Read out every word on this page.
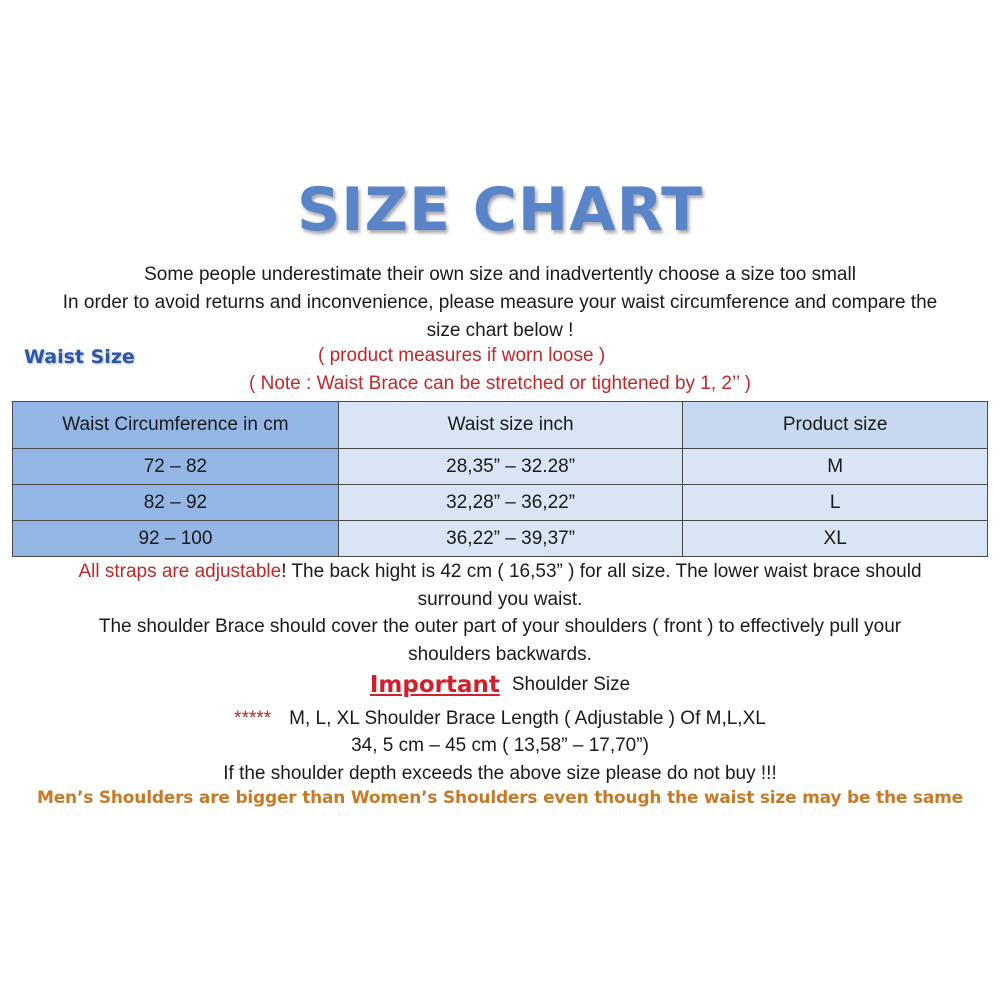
SIZE CHART
Some people underestimate their own size and inadvertently choose a size too small
In order to avoid returns and inconvenience, please measure your waist circumference and compare the
size chart below !
Waist Size	( product measures if worn loose )
( Note : Waist Brace can be stretched or tightened by 1, 2’’ )
Waist Circumference in cm	Waist size inch	Product size
72 – 82	28,35” – 32.28”	M
82 – 92	32,28” – 36,22”	L
92 – 100	36,22” – 39,37”	XL
All straps are adjustable! The back hight is 42 cm ( 16,53” ) for all size. The lower waist brace should
surround you waist.
The shoulder Brace should cover the outer part of your shoulders ( front ) to effectively pull your
shoulders backwards.
Important Shoulder Size
***** M, L, XL Shoulder Brace Length ( Adjustable ) Of M,L,XL
34, 5 cm – 45 cm ( 13,58” – 17,70”)
If the shoulder depth exceeds the above size please do not buy !!!
Men’s Shoulders are bigger than Women’s Shoulders even though the waist size may be the same
